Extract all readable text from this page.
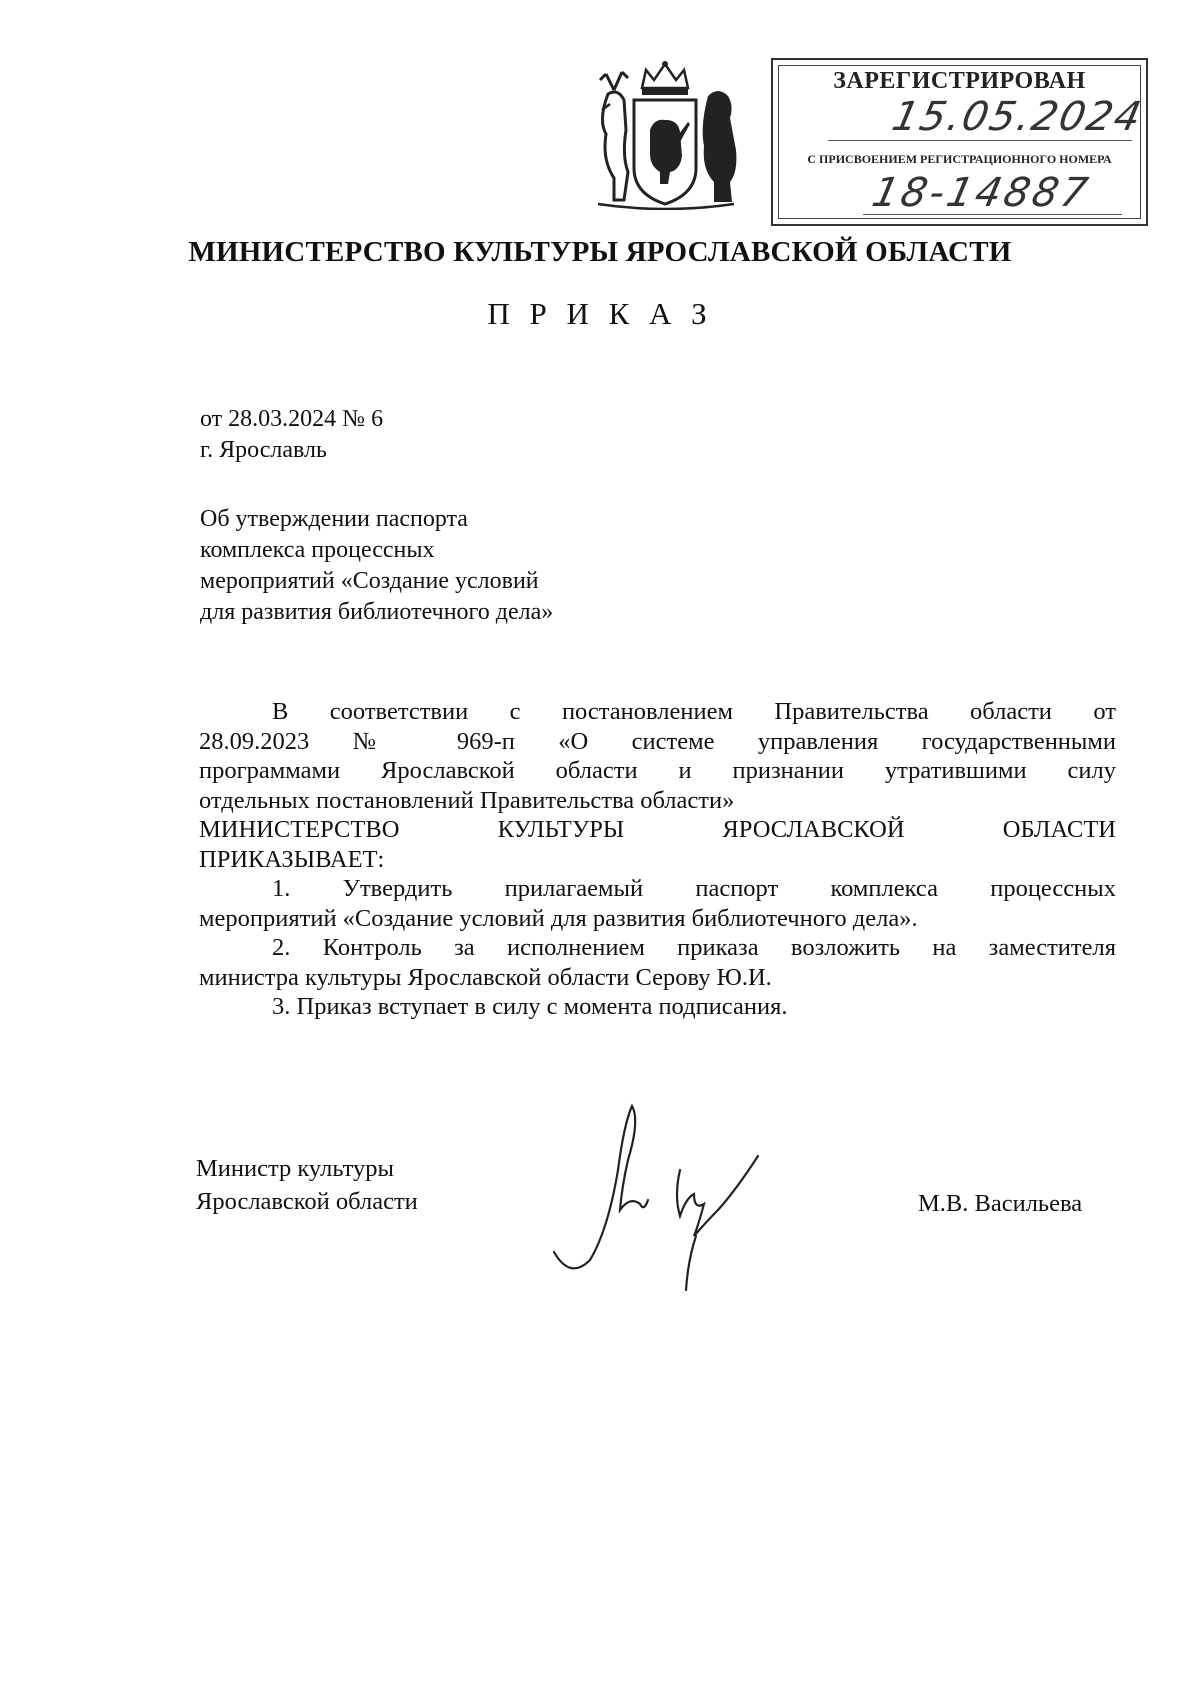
ЗАРЕГИСТРИРОВАН
15.05.2024
С ПРИСВОЕНИЕМ РЕГИСТРАЦИОННОГО НОМЕРА
18-14887
МИНИСТЕРСТВО КУЛЬТУРЫ ЯРОСЛАВСКОЙ ОБЛАСТИ
П Р И К А З
от 28.03.2024 № 6
г. Ярославль
Об утверждении паспорта
комплекса процессных
мероприятий «Создание условий
для развития библиотечного дела»

В соответствии с постановлением Правительства области от

28.09.2023 № 969-п «О системе управления государственными

программами Ярославской области и признании утратившими силу

отдельных постановлений Правительства области»

МИНИСТЕРСТВО КУЛЬТУРЫ ЯРОСЛАВСКОЙ ОБЛАСТИ

ПРИКАЗЫВАЕТ:

1. Утвердить прилагаемый паспорт комплекса процессных

мероприятий «Создание условий для развития библиотечного дела».

2. Контроль за исполнением приказа возложить на заместителя

министра культуры Ярославской области Серову Ю.И.

3. Приказ вступает в силу с момента подписания.

Министр культуры
Ярославской области	М.В. Васильева
